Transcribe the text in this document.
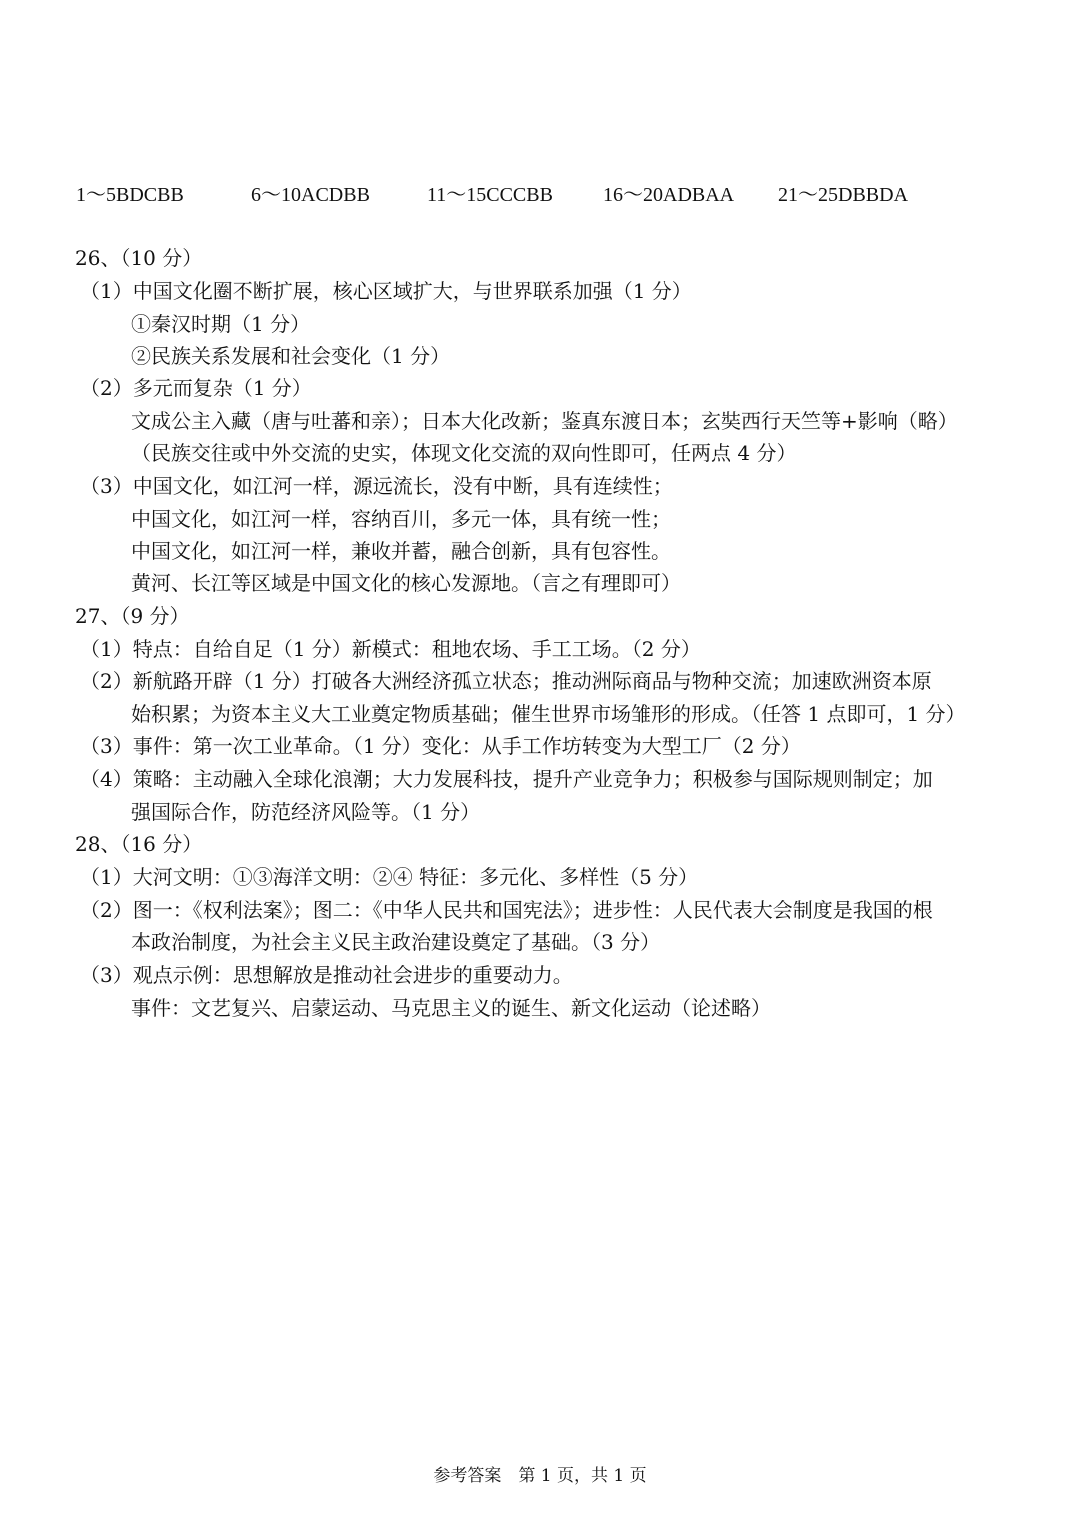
1～5BDCBB	6～10ACDBB	11～15CCCBB	16～20ADBAA 21～25DBBDA
26、（10 分）
（1）中国文化圈不断扩展，核心区域扩大，与世界联系加强（1 分）
①秦汉时期（1 分）
②民族关系发展和社会变化（1 分）
（2）多元而复杂（1 分）
文成公主入藏（唐与吐蕃和亲）；日本大化改新；鉴真东渡日本；玄奘西行天竺等+影响（略）
（民族交往或中外交流的史实，体现文化交流的双向性即可，任两点 4 分）
（3）中国文化，如江河一样，源远流长，没有中断，具有连续性；
中国文化，如江河一样，容纳百川，多元一体，具有统一性；
中国文化，如江河一样，兼收并蓄，融合创新，具有包容性。
黄河、长江等区域是中国文化的核心发源地。（言之有理即可）
27、（9 分）
（1）特点：自给自足（1 分）新模式：租地农场、手工工场。（2 分）
（2）新航路开辟（1 分）打破各大洲经济孤立状态；推动洲际商品与物种交流；加速欧洲资本原
始积累；为资本主义大工业奠定物质基础；催生世界市场雏形的形成。（任答 1 点即可，1 分）
（3）事件：第一次工业革命。（1 分）变化：从手工作坊转变为大型工厂（2 分）
（4）策略：主动融入全球化浪潮；大力发展科技，提升产业竞争力；积极参与国际规则制定；加
强国际合作，防范经济风险等。（1 分）
28、（16 分）
（1）大河文明：①③海洋文明：②④ 特征：多元化、多样性（5 分）
（2）图一：《权利法案》；图二：《中华人民共和国宪法》；进步性：人民代表大会制度是我国的根
本政治制度，为社会主义民主政治建设奠定了基础。（3 分）
（3）观点示例：思想解放是推动社会进步的重要动力。
事件：文艺复兴、启蒙运动、马克思主义的诞生、新文化运动（论述略）
参考答案　第 1 页，共 1 页
